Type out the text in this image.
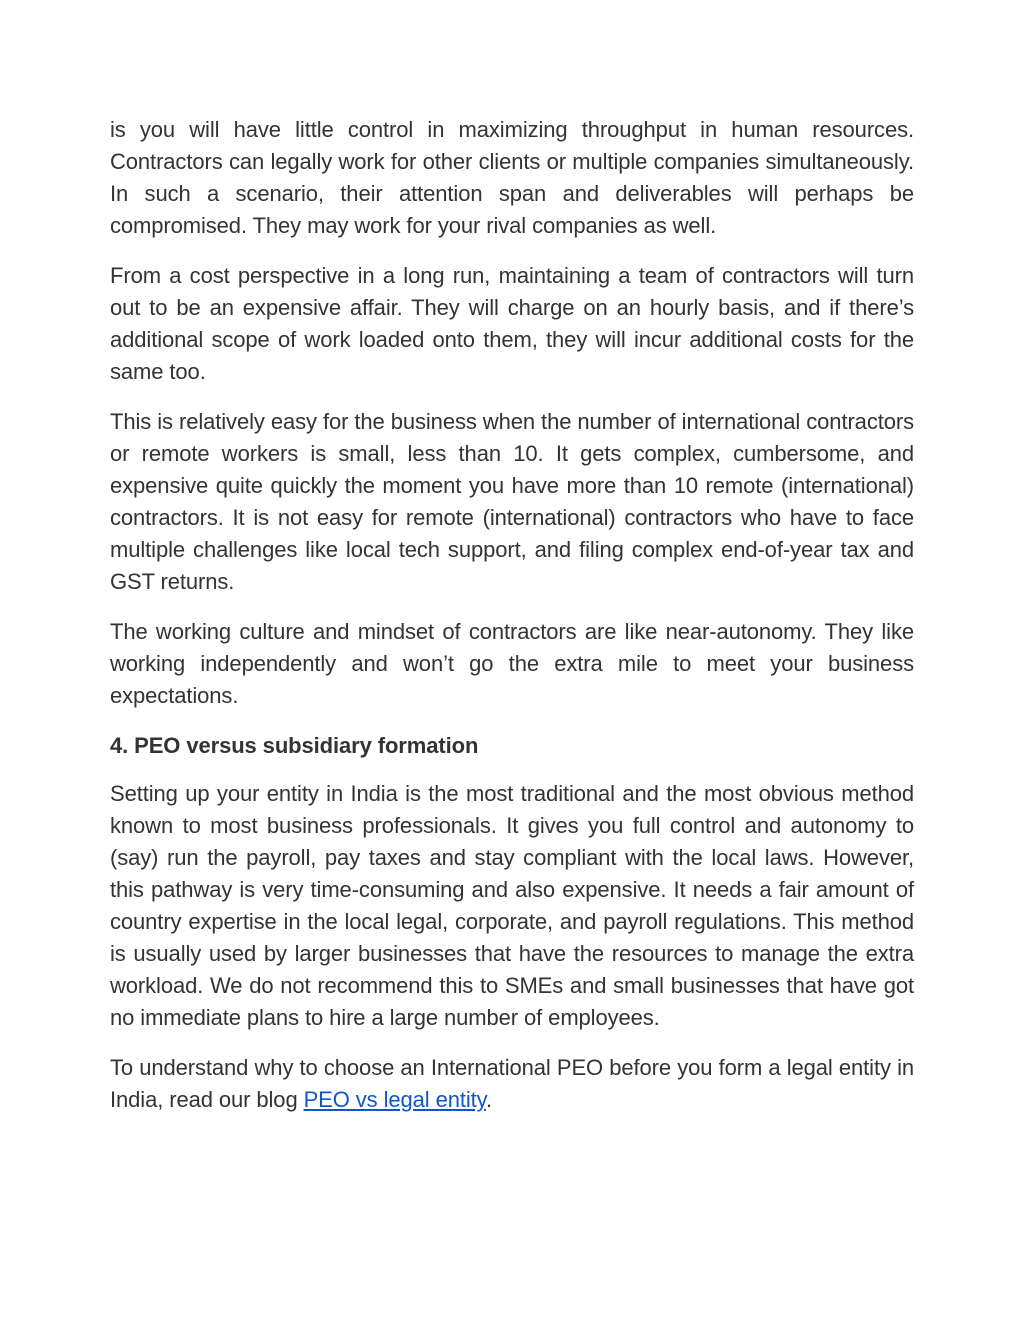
is you will have little control in maximizing throughput in human resources. Contractors can legally work for other clients or multiple companies simultaneously. In such a scenario, their attention span and deliverables will perhaps be compromised. They may work for your rival companies as well.

From a cost perspective in a long run, maintaining a team of contractors will turn out to be an expensive affair. They will charge on an hourly basis, and if there’s additional scope of work loaded onto them, they will incur additional costs for the same too.

This is relatively easy for the business when the number of international contractors or remote workers is small, less than 10. It gets complex, cumbersome, and expensive quite quickly the moment you have more than 10 remote (international) contractors. It is not easy for remote (international) contractors who have to face multiple challenges like local tech support, and filing complex end-of-year tax and GST returns.

The working culture and mindset of contractors are like near-autonomy. They like working independently and won’t go the extra mile to meet your business expectations.

4. PEO versus subsidiary formation

Setting up your entity in India is the most traditional and the most obvious method known to most business professionals. It gives you full control and autonomy to (say) run the payroll, pay taxes and stay compliant with the local laws. However, this pathway is very time-consuming and also expensive. It needs a fair amount of country expertise in the local legal, corporate, and payroll regulations. This method is usually used by larger businesses that have the resources to manage the extra workload. We do not recommend this to SMEs and small businesses that have got no immediate plans to hire a large number of employees.

To understand why to choose an International PEO before you form a legal entity in India, read our blog PEO vs legal entity.
